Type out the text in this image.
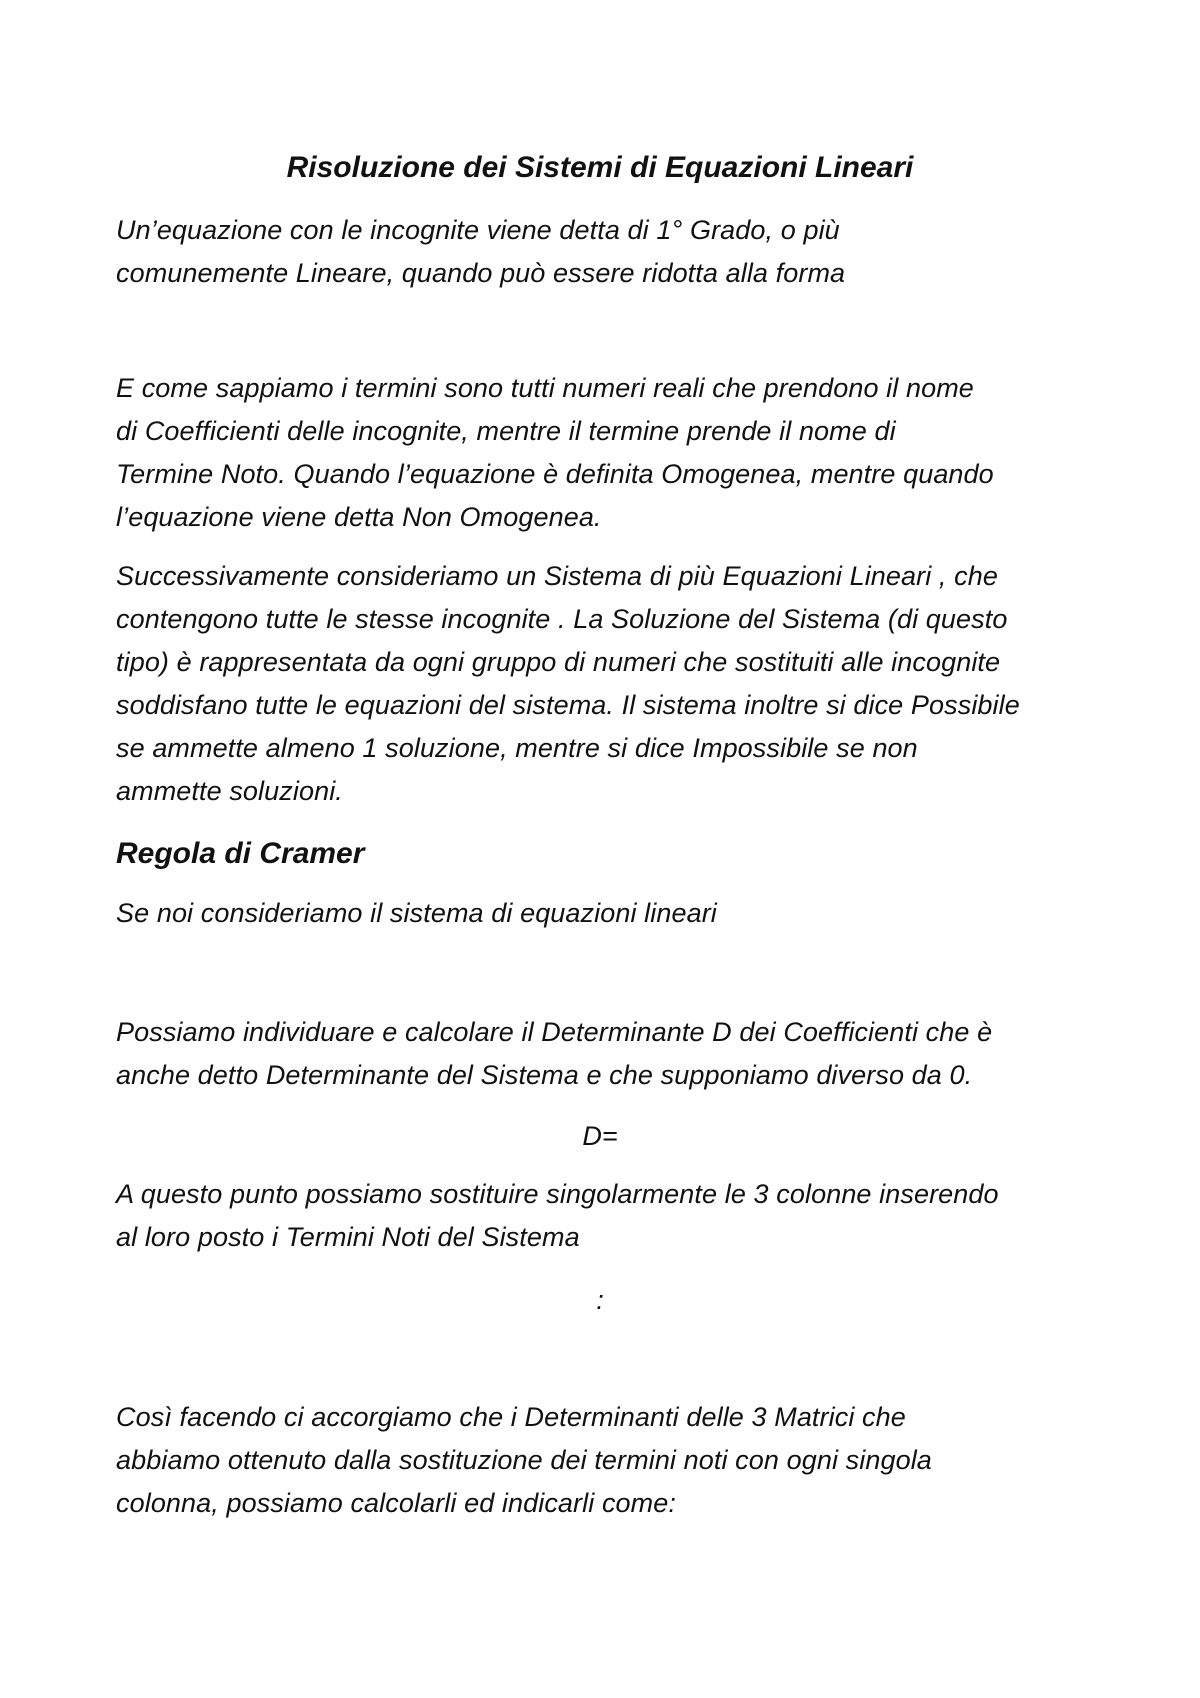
Risoluzione dei Sistemi di Equazioni Lineari
Un’equazione con le incognite viene detta di 1° Grado, o più
comunemente Lineare, quando può essere ridotta alla forma
E come sappiamo i termini sono tutti numeri reali che prendono il nome
di Coefficienti delle incognite, mentre il termine prende il nome di
Termine Noto. Quando l’equazione è definita Omogenea, mentre quando
l’equazione viene detta Non Omogenea.
Successivamente consideriamo un Sistema di più Equazioni Lineari , che
contengono tutte le stesse incognite . La Soluzione del Sistema (di questo
tipo) è rappresentata da ogni gruppo di numeri che sostituiti alle incognite
soddisfano tutte le equazioni del sistema. Il sistema inoltre si dice Possibile
se ammette almeno 1 soluzione, mentre si dice Impossibile se non
ammette soluzioni.
Regola di Cramer
Se noi consideriamo il sistema di equazioni lineari
Possiamo individuare e calcolare il Determinante D dei Coefficienti che è
anche detto Determinante del Sistema e che supponiamo diverso da 0.
D=
A questo punto possiamo sostituire singolarmente le 3 colonne inserendo
al loro posto i Termini Noti del Sistema
:
Così facendo ci accorgiamo che i Determinanti delle 3 Matrici che
abbiamo ottenuto dalla sostituzione dei termini noti con ogni singola
colonna, possiamo calcolarli ed indicarli come:
